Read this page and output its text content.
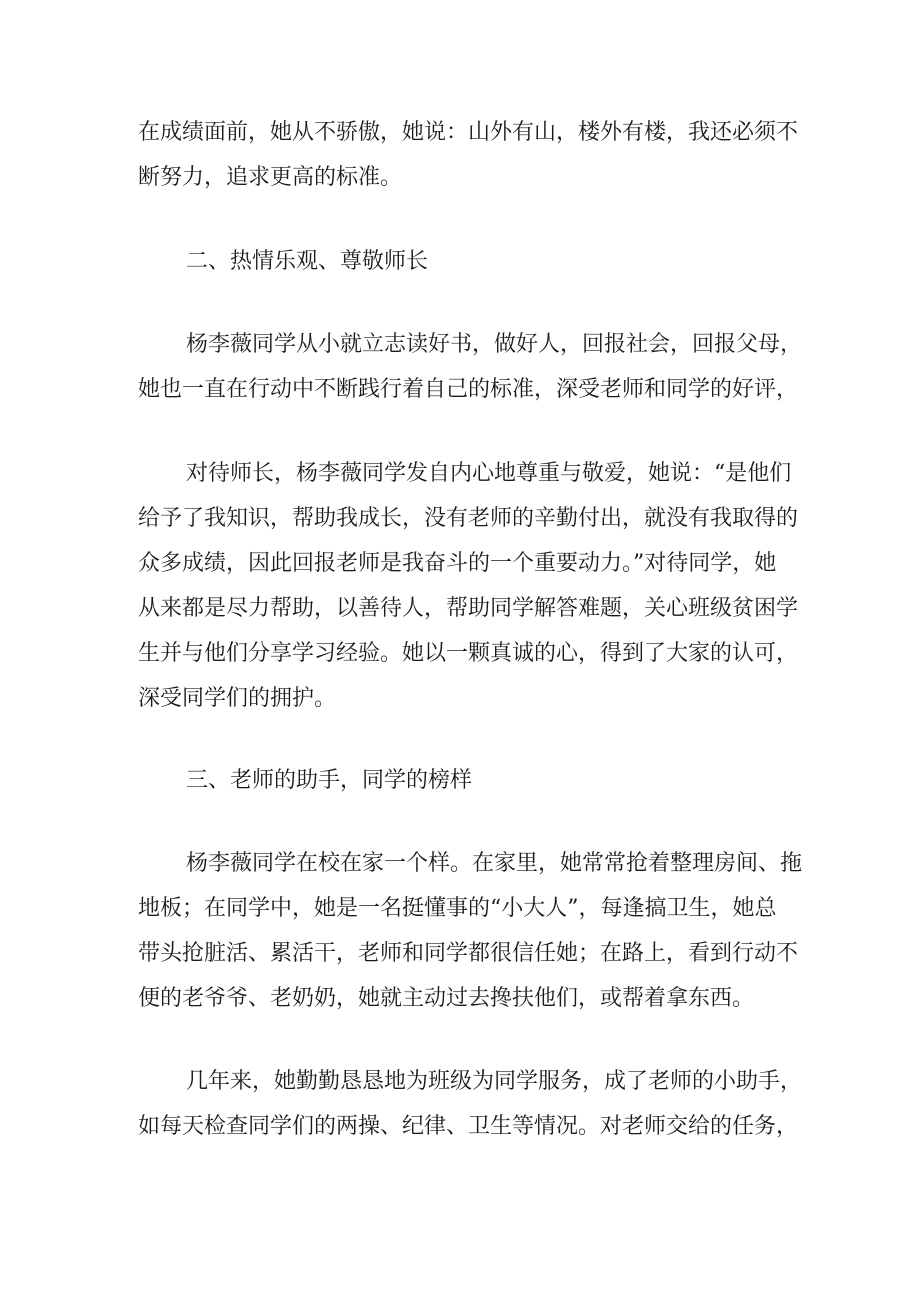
在成绩面前，她从不骄傲，她说：山外有山，楼外有楼，我还必须不
断努力，追求更高的标准。
二、热情乐观、尊敬师长
杨李薇同学从小就立志读好书，做好人，回报社会，回报父母，
她也一直在行动中不断践行着自己的标准，深受老师和同学的好评，
对待师长，杨李薇同学发自内心地尊重与敬爱，她说：“是他们
给予了我知识，帮助我成长，没有老师的辛勤付出，就没有我取得的
众多成绩，因此回报老师是我奋斗的一个重要动力。”对待同学，她
从来都是尽力帮助，以善待人，帮助同学解答难题，关心班级贫困学
生并与他们分享学习经验。她以一颗真诚的心，得到了大家的认可，
深受同学们的拥护。
三、老师的助手，同学的榜样
杨李薇同学在校在家一个样。在家里，她常常抢着整理房间、拖
地板；在同学中，她是一名挺懂事的“小大人”，每逢搞卫生，她总
带头抢脏活、累活干，老师和同学都很信任她；在路上，看到行动不
便的老爷爷、老奶奶，她就主动过去搀扶他们，或帮着拿东西。
几年来，她勤勤恳恳地为班级为同学服务，成了老师的小助手，
如每天检查同学们的两操、纪律、卫生等情况。对老师交给的任务，
